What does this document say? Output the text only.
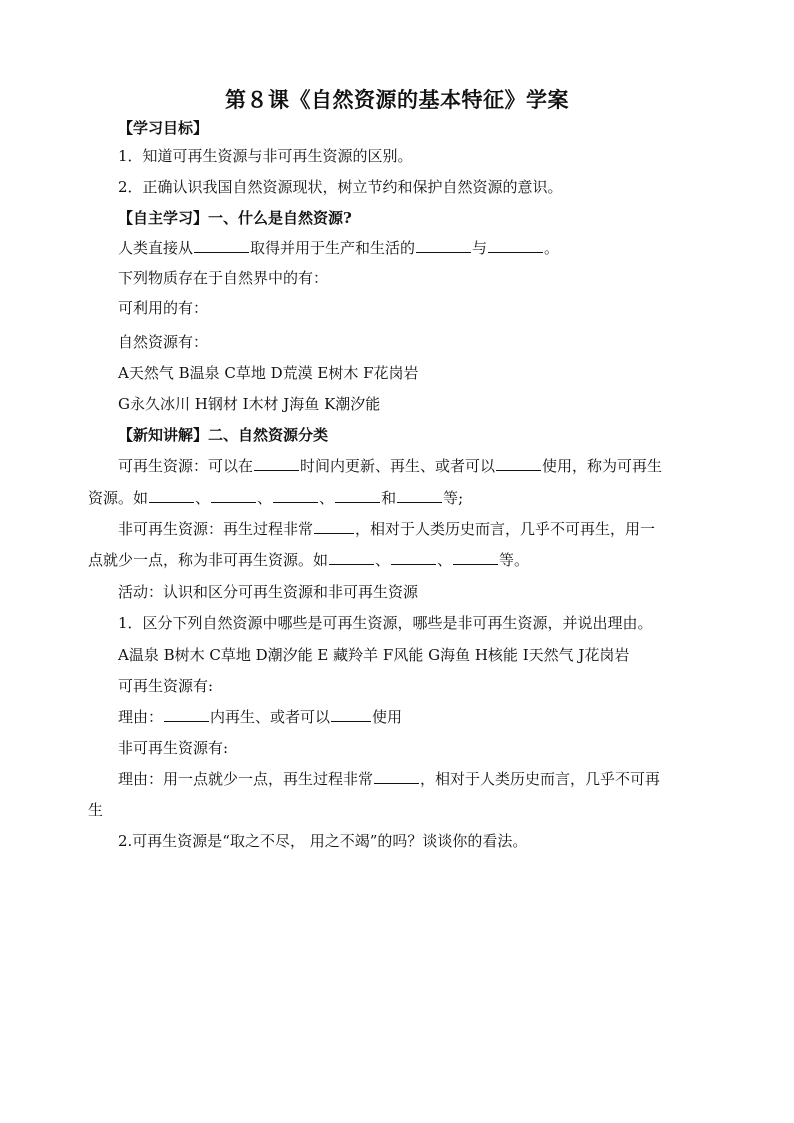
第８课《自然资源的基本特征》学案
【学习目标】
1．知道可再生资源与非可再生资源的区别。
2．正确认识我国自然资源现状，树立节约和保护自然资源的意识。
【自主学习】一、什么是自然资源?
人类直接从	取得并用于生产和生活的	与	。
下列物质存在于自然界中的有：
可利用的有：
自然资源有：
A天然气 B温泉 C草地 D荒漠 E树木 F花岗岩
G永久冰川 H钢材 I木材 J海鱼 K潮汐能
【新知讲解】二、自然资源分类
可再生资源：可以在	时间内更新、再生、或者可以	使用，称为可再生
资源。如	、	、	、	和	等;
非可再生资源：再生过程非常	，相对于人类历史而言，几乎不可再生，用一
点就少一点，称为非可再生资源。如	、	、	等。
活动：认识和区分可再生资源和非可再生资源
1．区分下列自然资源中哪些是可再生资源，哪些是非可再生资源，并说出理由。
A温泉 B树木 C草地 D潮汐能 E 藏羚羊 F风能 G海鱼 H核能 I天然气 J花岗岩
可再生资源有:
理由：	内再生、或者可以	使用
非可再生资源有:
理由：用一点就少一点，再生过程非常	，相对于人类历史而言，几乎不可再
生
2.可再生资源是“取之不尽， 用之不竭”的吗？谈谈你的看法。
